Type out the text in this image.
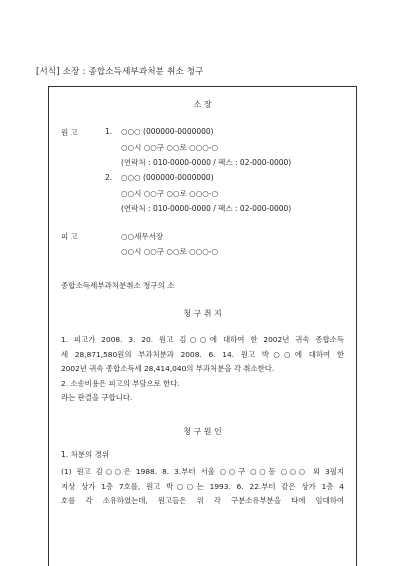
[서식] 소장 : 종합소득세부과처분 취소 청구
소 장
원 고	1. ○○○ (000000-0000000)
○○시 ○○구 ○○로 ○○○-○
(연락처 : 010-0000-0000 / 팩스 : 02-000-0000)
2. ○○○ (000000-0000000)
○○시 ○○구 ○○로 ○○○-○
(연락처 : 010-0000-0000 / 팩스 : 02-000-0000)
피 고	○○세무서장
○○시 ○○구 ○○로 ○○○-○
종합소득세부과처분취소 청구의 소
청 구 취 지
1. 피고가 2008. 3. 20. 원고 김○○에 대하여 한 2002년 귀속 종합소득
세 28,871,580원의 부과처분과 2008. 6. 14. 원고 박○○에 대하여 한
2002년 귀속 종합소득세 28,414,040의 부과처분을 각 취소한다.
2. 소송비용은 피고의 부담으로 한다.
라는 판결을 구합니다.
청 구 원 인
1. 처분의 경위
(1) 원고 김○○은 1988. 8. 3.부터 서울 ○○구 ○○동 ○○○ 외 3필지
지상 상가 1층 7호를, 원고 박○○는 1993. 6. 22.부터 같은 상가 1층 4
호를 각 소유하였는데, 원고들은 위 각 구분소유부분을 타에 임대하여
